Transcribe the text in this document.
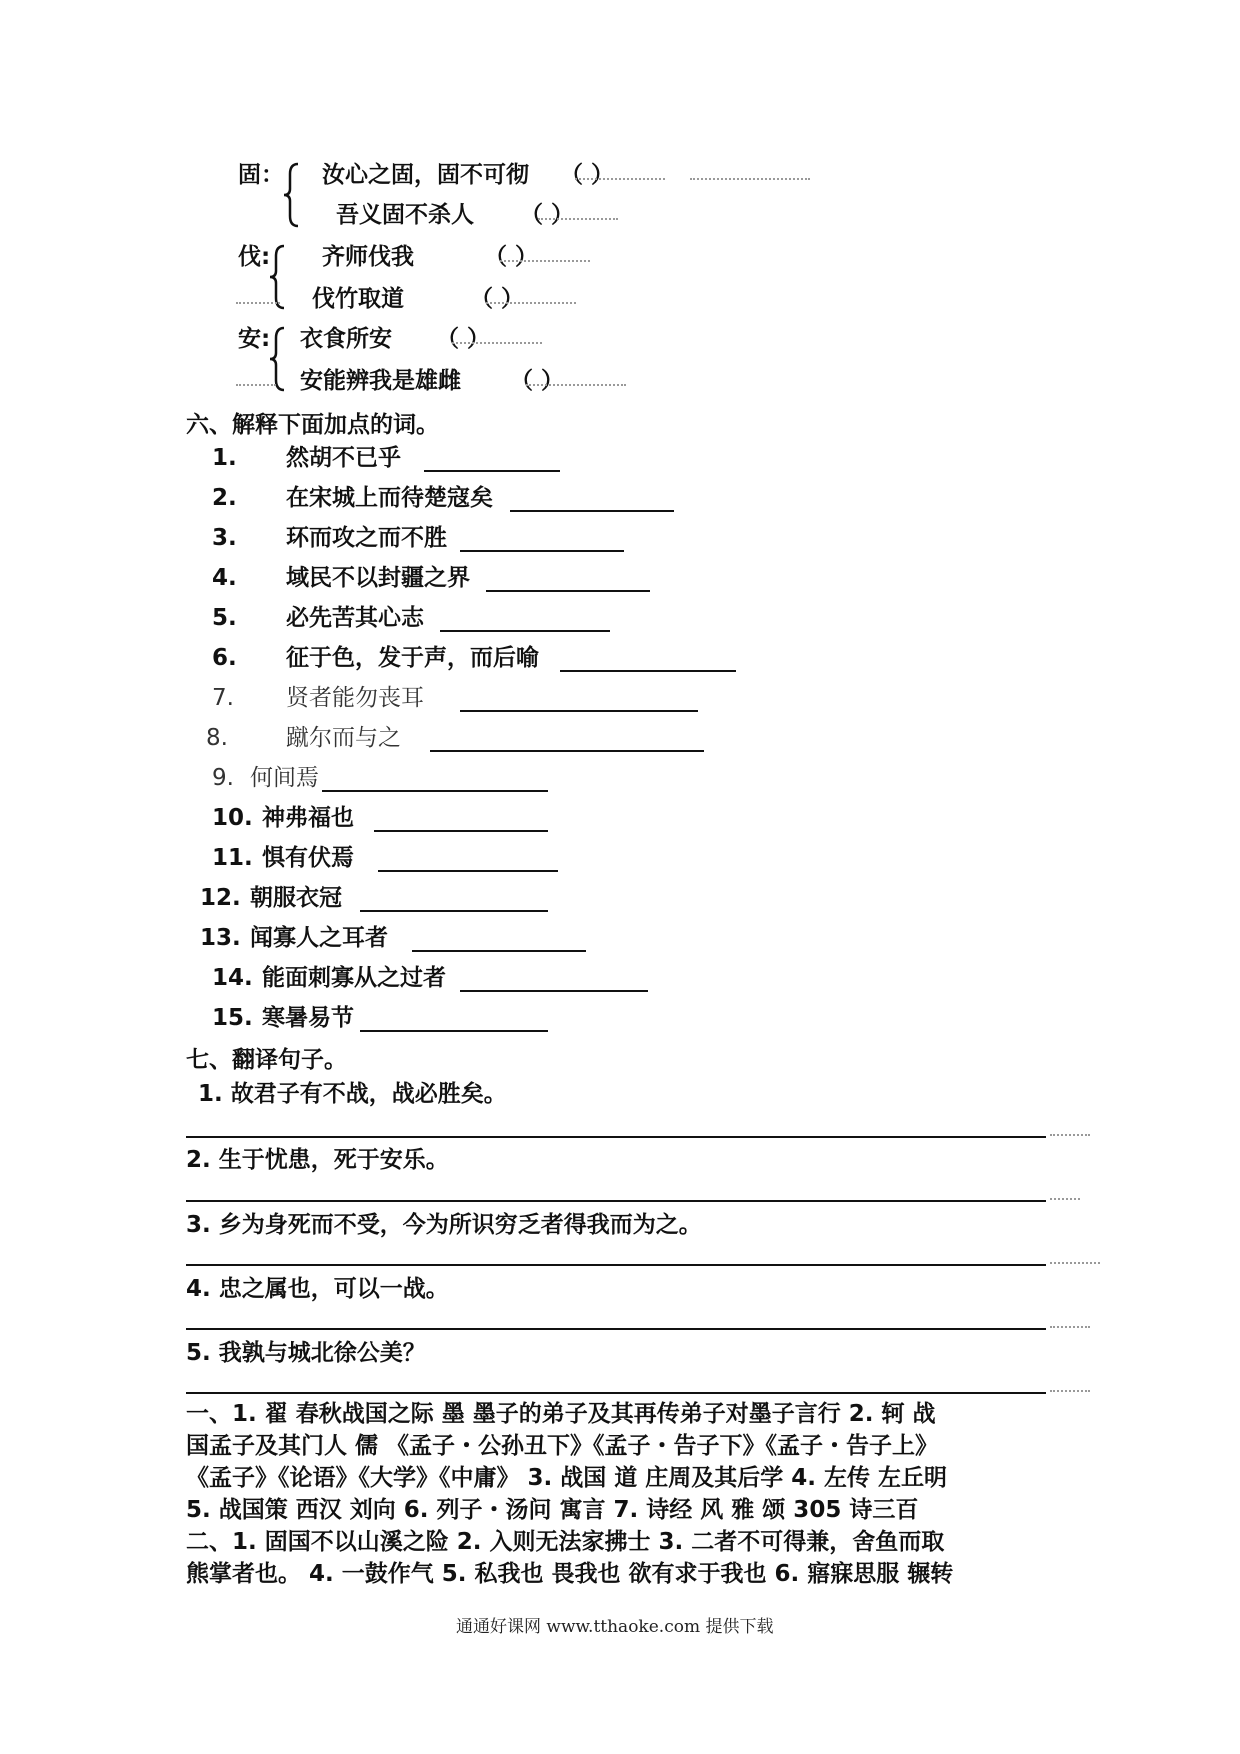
固： 汝心之固，固不可彻 （ ）
吾义固不杀人 （ ）
伐: 齐师伐我	（ ）
伐竹取道	（ ）
安: 衣食所安 （ ）
安能辨我是雄雌 （ ）
六、解释下面加点的词。
1. 然胡不已乎
2. 在宋城上而待楚寇矣
3. 环而攻之而不胜
4. 域民不以封疆之界
5. 必先苦其心志
6. 征于色，发于声，而后喻
7. 贤者能勿丧耳
8.	蹴尔而与之
9. 何间焉
10. 神弗福也
11. 惧有伏焉
12. 朝服衣冠
13. 闻寡人之耳者
14. 能面刺寡从之过者
15. 寒暑易节
七、翻译句子。
1. 故君子有不战，战必胜矣。
2. 生于忧患，死于安乐。
3. 乡为身死而不受，今为所识穷乏者得我而为之。
4. 忠之属也，可以一战。
5. 我孰与城北徐公美？
一、1. 翟 春秋战国之际 墨 墨子的弟子及其再传弟子对墨子言行 2. 轲 战
国孟子及其门人 儒 《孟子・公孙丑下》《孟子・告子下》《孟子・告子上》
《孟子》《论语》《大学》《中庸》 3. 战国 道 庄周及其后学 4. 左传 左丘明
5. 战国策 西汉 刘向 6. 列子・汤问 寓言 7. 诗经 风 雅 颂 305 诗三百
二、1. 固国不以山溪之险 2. 入则无法家拂士 3. 二者不可得兼，舍鱼而取
熊掌者也。 4. 一鼓作气 5. 私我也 畏我也 欲有求于我也 6. 寤寐思服 辗转
通通好课网 www.tthaoke.com 提供下载
